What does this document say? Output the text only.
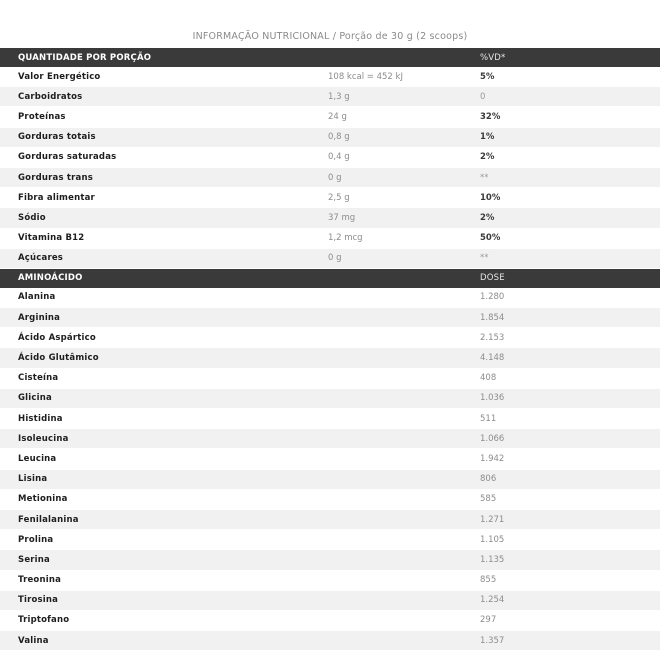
INFORMAÇÃO NUTRICIONAL / Porção de 30 g (2 scoops)
QUANTIDADE POR PORÇÃO		%VD*
Valor Energético	108 kcal = 452 kJ	5%
Carboidratos	1,3 g	0
Proteínas	24 g	32%
Gorduras totais	0,8 g	1%
Gorduras saturadas	0,4 g	2%
Gorduras trans	0 g	**
Fibra alimentar	2,5 g	10%
Sódio	37 mg	2%
Vitamina B12	1,2 mcg	50%
Açúcares	0 g	**
AMINOÁCIDO	DOSE
Alanina	1.280
Arginina	1.854
Ácido Aspártico	2.153
Ácido Glutâmico	4.148
Cisteína	408
Glicina	1.036
Histidina	511
Isoleucina	1.066
Leucina	1.942
Lisina	806
Metionina	585
Fenilalanina	1.271
Prolina	1.105
Serina	1.135
Treonina	855
Tirosina	1.254
Triptofano	297
Valina	1.357
